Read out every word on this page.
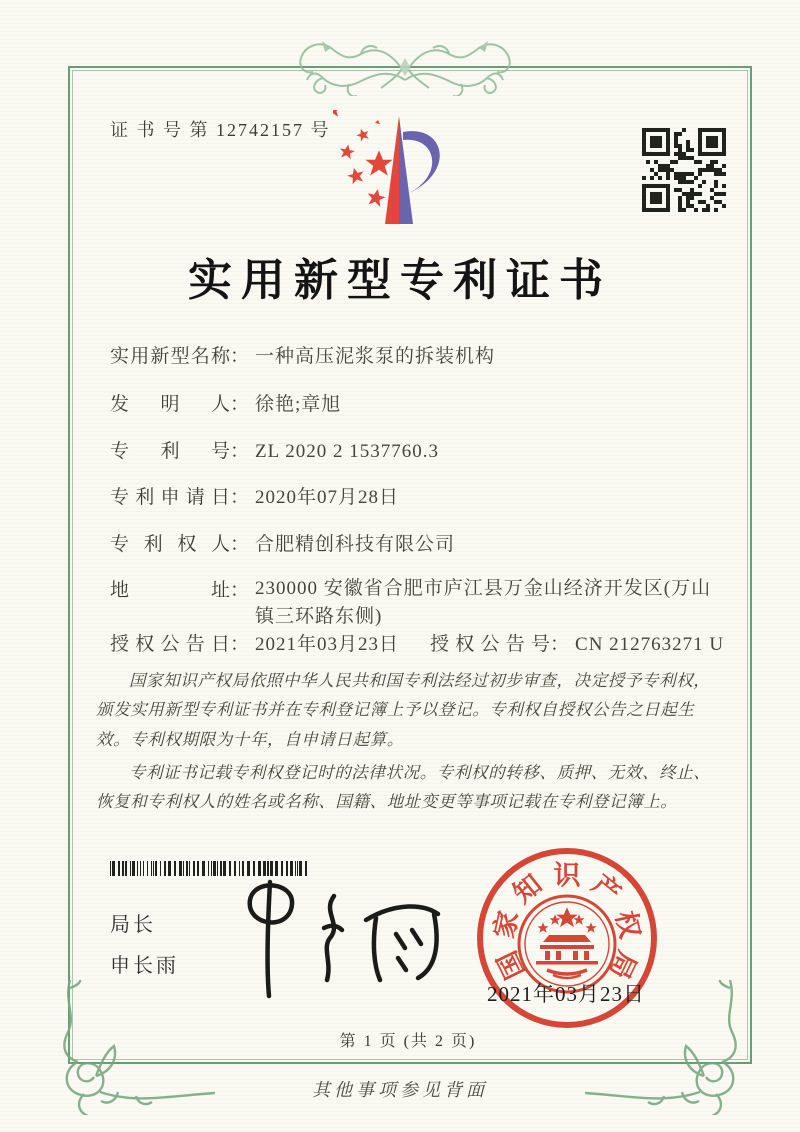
证 书 号 第 12742157 号
实用新型专利证书
实用新型名称： 一种高压泥浆泵的拆装机构
发明人： 徐艳;章旭
专利号： ZL 2020 2 1537760.3
专利申请日： 2020年07月28日
专利权人： 合肥精创科技有限公司
地址： 230000 安徽省合肥市庐江县万金山经济开发区(万山镇三环路东侧)
授权公告日： 2021年03月23日 授权公告号： CN 212763271 U

国家知识产权局依照中华人民共和国专利法经过初步审查，决定授予专利权，颁发实用新型专利证书并在专利登记簿上予以登记。专利权自授权公告之日起生效。专利权期限为十年，自申请日起算。

专利证书记载专利权登记时的法律状况。专利权的转移、质押、无效、终止、恢复和专利权人的姓名或名称、国籍、地址变更等事项记载在专利登记簿上。

局长
申长雨	国
家
知 识 产
权
局
2021年03月23日
第 1 页 (共 2 页)
其他事项参见背面
